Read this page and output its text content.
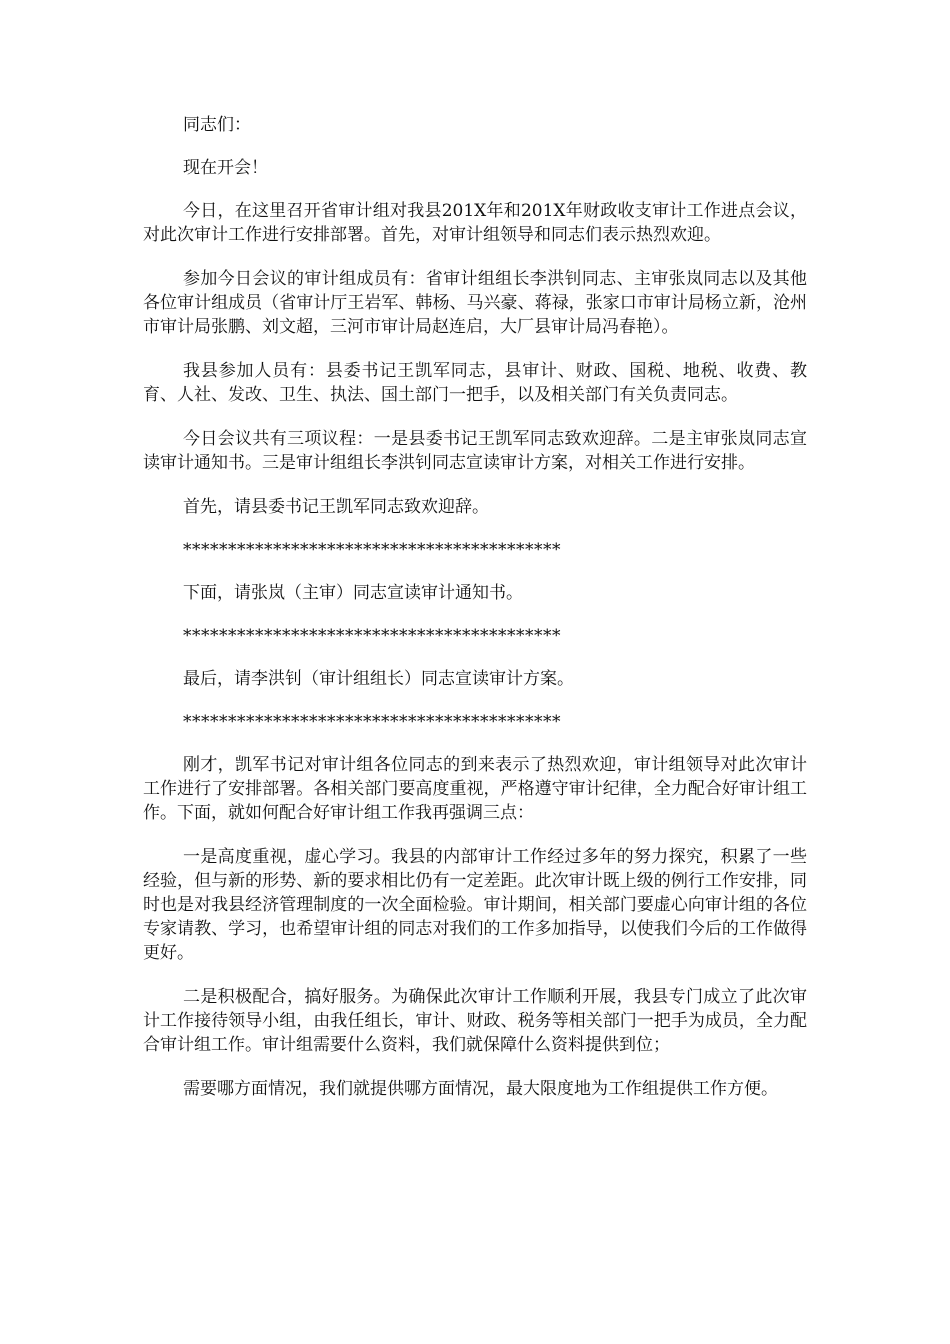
同志们：

现在开会！

今日，在这里召开省审计组对我县201X年和201X年财政收支审计工作进点会议，对此次审计工作进行安排部署。首先，对审计组领导和同志们表示热烈欢迎。

参加今日会议的审计组成员有：省审计组组长李洪钊同志、主审张岚同志以及其他各位审计组成员（省审计厅王岩军、韩杨、马兴豪、蒋禄，张家口市审计局杨立新，沧州市审计局张鹏、刘文超，三河市审计局赵连启，大厂县审计局冯春艳）。

我县参加人员有：县委书记王凯军同志，县审计、财政、国税、地税、收费、教育、人社、发改、卫生、执法、国土部门一把手，以及相关部门有关负责同志。

今日会议共有三项议程：一是县委书记王凯军同志致欢迎辞。二是主审张岚同志宣读审计通知书。三是审计组组长李洪钊同志宣读审计方案，对相关工作进行安排。

首先，请县委书记王凯军同志致欢迎辞。

******************************************

下面，请张岚（主审）同志宣读审计通知书。

******************************************

最后，请李洪钊（审计组组长）同志宣读审计方案。

******************************************

刚才，凯军书记对审计组各位同志的到来表示了热烈欢迎，审计组领导对此次审计工作进行了安排部署。各相关部门要高度重视，严格遵守审计纪律，全力配合好审计组工作。下面，就如何配合好审计组工作我再强调三点：

一是高度重视，虚心学习。我县的内部审计工作经过多年的努力探究，积累了一些经验，但与新的形势、新的要求相比仍有一定差距。此次审计既上级的例行工作安排，同时也是对我县经济管理制度的一次全面检验。审计期间，相关部门要虚心向审计组的各位专家请教、学习，也希望审计组的同志对我们的工作多加指导，以使我们今后的工作做得更好。

二是积极配合，搞好服务。为确保此次审计工作顺利开展，我县专门成立了此次审计工作接待领导小组，由我任组长，审计、财政、税务等相关部门一把手为成员，全力配合审计组工作。审计组需要什么资料，我们就保障什么资料提供到位；

需要哪方面情况，我们就提供哪方面情况，最大限度地为工作组提供工作方便。
